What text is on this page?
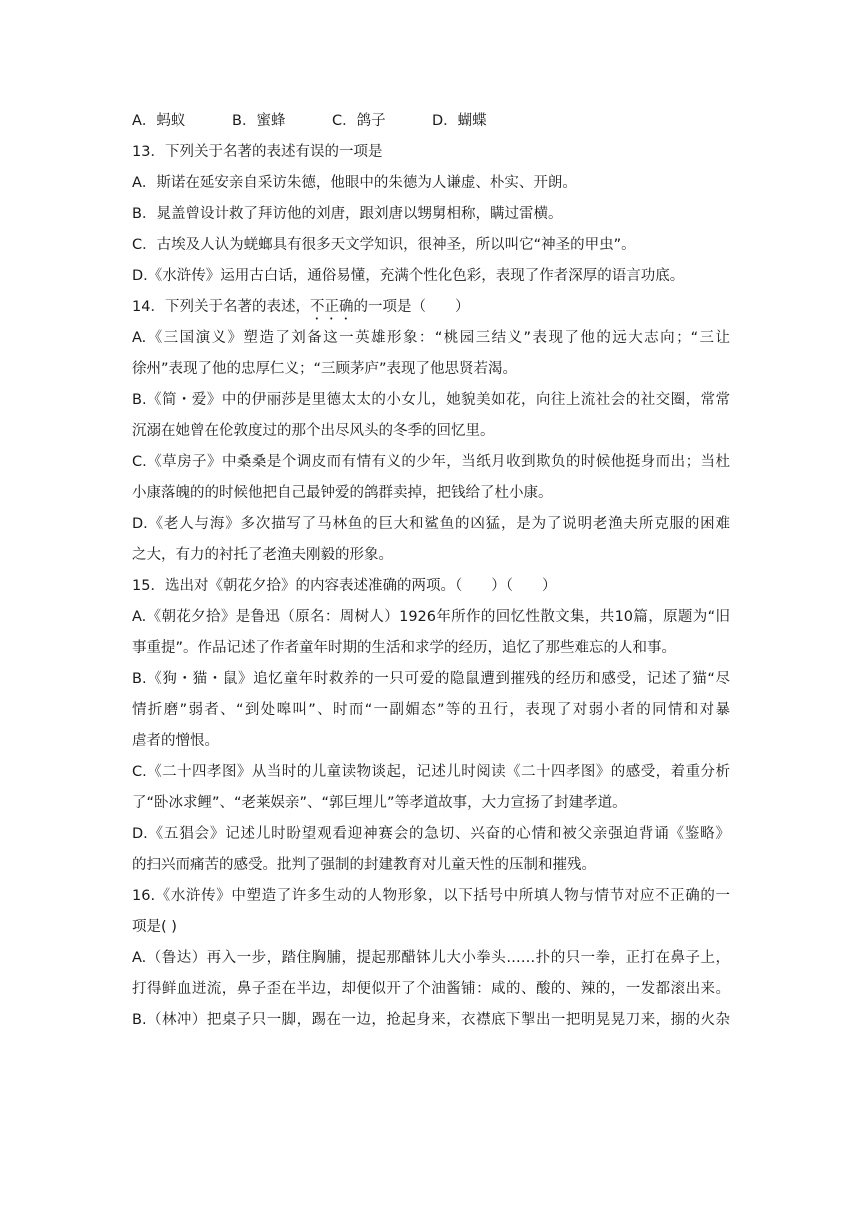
A．蚂蚁	B．蜜蜂	C．鸽子	D．蝴蝶
13．下列关于名著的表述有误的一项是
A．斯诺在延安亲自采访朱德，他眼中的朱德为人谦虚、朴实、开朗。
B．晁盖曾设计救了拜访他的刘唐，跟刘唐以甥舅相称，瞒过雷横。
C．古埃及人认为蜣螂具有很多天文学知识，很神圣，所以叫它“神圣的甲虫”。
D.《水浒传》运用古白话，通俗易懂，充满个性化色彩，表现了作者深厚的语言功底。
14．下列关于名著的表述，不正确的一项是（　　）
A.《三国演义》塑造了刘备这一英雄形象：“桃园三结义”表现了他的远大志向；“三让
徐州”表现了他的忠厚仁义；“三顾茅庐”表现了他思贤若渴。
B.《简・爱》中的伊丽莎是里德太太的小女儿，她貌美如花，向往上流社会的社交圈，常常
沉溺在她曾在伦敦度过的那个出尽风头的冬季的回忆里。
C.《草房子》中桑桑是个调皮而有情有义的少年，当纸月收到欺负的时候他挺身而出；当杜
小康落魄的的时候他把自己最钟爱的鸽群卖掉，把钱给了杜小康。
D.《老人与海》多次描写了马林鱼的巨大和鲨鱼的凶猛，是为了说明老渔夫所克服的困难
之大，有力的衬托了老渔夫刚毅的形象。
15．选出对《朝花夕拾》的内容表述准确的两项。（　　）（　　）
A.《朝花夕拾》是鲁迅（原名：周树人）1926年所作的回忆性散文集，共10篇，原题为“旧
事重提”。作品记述了作者童年时期的生活和求学的经历，追忆了那些难忘的人和事。
B.《狗・猫・鼠》追忆童年时救养的一只可爱的隐鼠遭到摧残的经历和感受，记述了猫“尽
情折磨”弱者、“到处嗥叫”、时而“一副媚态”等的丑行，表现了对弱小者的同情和对暴
虐者的憎恨。
C.《二十四孝图》从当时的儿童读物谈起，记述儿时阅读《二十四孝图》的感受，着重分析
了“卧冰求鲤”、“老莱娱亲”、“郭巨埋儿”等孝道故事，大力宣扬了封建孝道。
D.《五猖会》记述儿时盼望观看迎神赛会的急切、兴奋的心情和被父亲强迫背诵《鉴略》
的扫兴而痛苦的感受。批判了强制的封建教育对儿童天性的压制和摧残。
16.《水浒传》中塑造了许多生动的人物形象，以下括号中所填人物与情节对应不正确的一
项是( )
A.（鲁达）再入一步，踏住胸脯，提起那醋钵儿大小拳头……扑的只一拳，正打在鼻子上，
打得鲜血迸流，鼻子歪在半边，却便似开了个油酱铺：咸的、酸的、辣的，一发都滚出来。
B.（林冲）把桌子只一脚，踢在一边，抢起身来，衣襟底下掣出一把明晃晃刀来，搦的火杂
